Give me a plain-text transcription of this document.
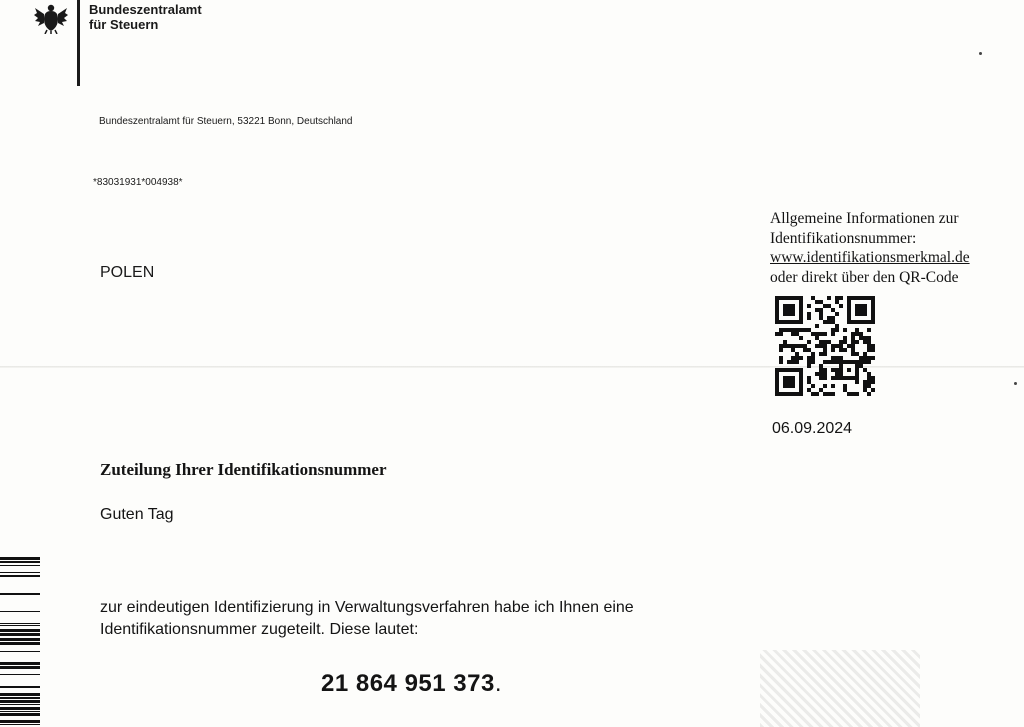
Bundeszentralamt
für Steuern
Bundeszentralamt für Steuern, 53221 Bonn, Deutschland
*83031931*004938*
POLEN
Allgemeine Informationen zur
Identifikationsnummer:
www.identifikationsmerkmal.de
oder direkt über den QR-Code
06.09.2024
Zuteilung Ihrer Identifikationsnummer
Guten Tag
zur eindeutigen Identifizierung in Verwaltungsverfahren habe ich Ihnen eine
Identifikationsnummer zugeteilt. Diese lautet:
21 864 951 373.
